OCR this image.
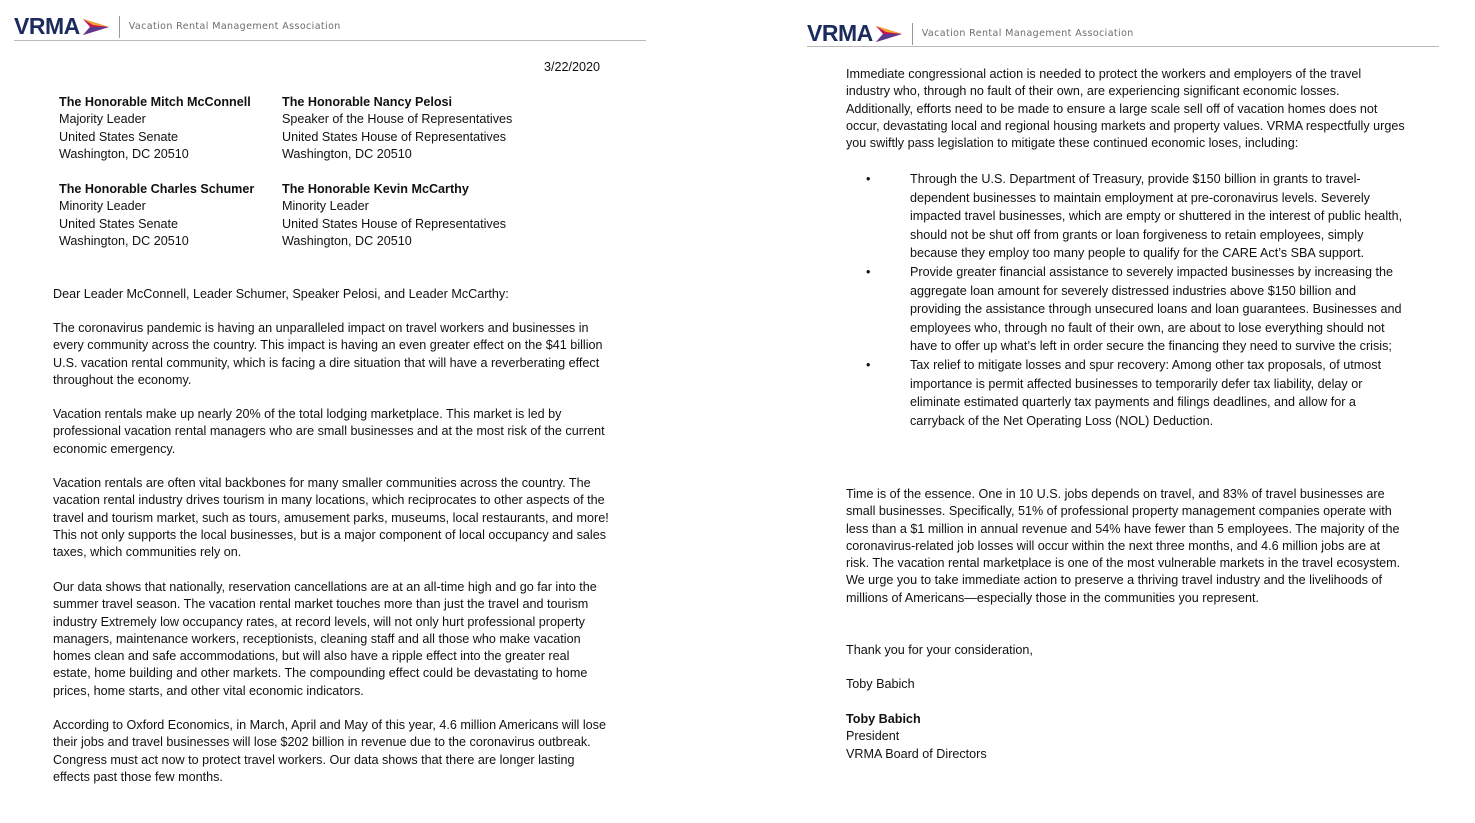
VRMA	Vacation Rental Management Association
3/22/2020
The Honorable Mitch McConnell
Majority Leader
United States Senate
Washington, DC 20510
The Honorable Nancy Pelosi
Speaker of the House of Representatives
United States House of Representatives
Washington, DC 20510
The Honorable Charles Schumer
Minority Leader
United States Senate
Washington, DC 20510
The Honorable Kevin McCarthy
Minority Leader
United States House of Representatives
Washington, DC 20510

Dear Leader McConnell, Leader Schumer, Speaker Pelosi, and Leader McCarthy:

The coronavirus pandemic is having an unparalleled impact on travel workers and businesses in every community across the country. This impact is having an even greater effect on the $41 billion U.S. vacation rental community, which is facing a dire situation that will have a reverberating effect throughout the economy.

Vacation rentals make up nearly 20% of the total lodging marketplace. This market is led by professional vacation rental managers who are small businesses and at the most risk of the current economic emergency.

Vacation rentals are often vital backbones for many smaller communities across the country. The vacation rental industry drives tourism in many locations, which reciprocates to other aspects of the travel and tourism market, such as tours, amusement parks, museums, local restaurants, and more! This not only supports the local businesses, but is a major component of local occupancy and sales taxes, which communities rely on.

Our data shows that nationally, reservation cancellations are at an all-time high and go far into the summer travel season. The vacation rental market touches more than just the travel and tourism industry Extremely low occupancy rates, at record levels, will not only hurt professional property managers, maintenance workers, receptionists, cleaning staff and all those who make vacation homes clean and safe accommodations, but will also have a ripple effect into the greater real estate, home building and other markets. The compounding effect could be devastating to home prices, home starts, and other vital economic indicators.

According to Oxford Economics, in March, April and May of this year, 4.6 million Americans will lose their jobs and travel businesses will lose $202 billion in revenue due to the coronavirus outbreak. Congress must act now to protect travel workers. Our data shows that there are longer lasting effects past those few months.

VRMA	Vacation Rental Management Association

Immediate congressional action is needed to protect the workers and employers of the travel industry who, through no fault of their own, are experiencing significant economic losses. Additionally, efforts need to be made to ensure a large scale sell off of vacation homes does not occur, devastating local and regional housing markets and property values. VRMA respectfully urges you swiftly pass legislation to mitigate these continued economic loses, including:

•	Through the U.S. Department of Treasury, provide $150 billion in grants to travel-dependent businesses to maintain employment at pre-coronavirus levels. Severely impacted travel businesses, which are empty or shuttered in the interest of public health, should not be shut off from grants or loan forgiveness to retain employees, simply because they employ too many people to qualify for the CARE Act’s SBA support.
•	Provide greater financial assistance to severely impacted businesses by increasing the aggregate loan amount for severely distressed industries above $150 billion and providing the assistance through unsecured loans and loan guarantees. Businesses and employees who, through no fault of their own, are about to lose everything should not have to offer up what’s left in order secure the financing they need to survive the crisis;
•	Tax relief to mitigate losses and spur recovery: Among other tax proposals, of utmost importance is permit affected businesses to temporarily defer tax liability, delay or eliminate estimated quarterly tax payments and filings deadlines, and allow for a carryback of the Net Operating Loss (NOL) Deduction.

Time is of the essence. One in 10 U.S. jobs depends on travel, and 83% of travel businesses are small businesses. Specifically, 51% of professional property management companies operate with less than a $1 million in annual revenue and 54% have fewer than 5 employees. The majority of the coronavirus-related job losses will occur within the next three months, and 4.6 million jobs are at risk. The vacation rental marketplace is one of the most vulnerable markets in the travel ecosystem. We urge you to take immediate action to preserve a thriving travel industry and the livelihoods of millions of Americans—especially those in the communities you represent.

Thank you for your consideration,

Toby Babich

Toby Babich
President
VRMA Board of Directors
